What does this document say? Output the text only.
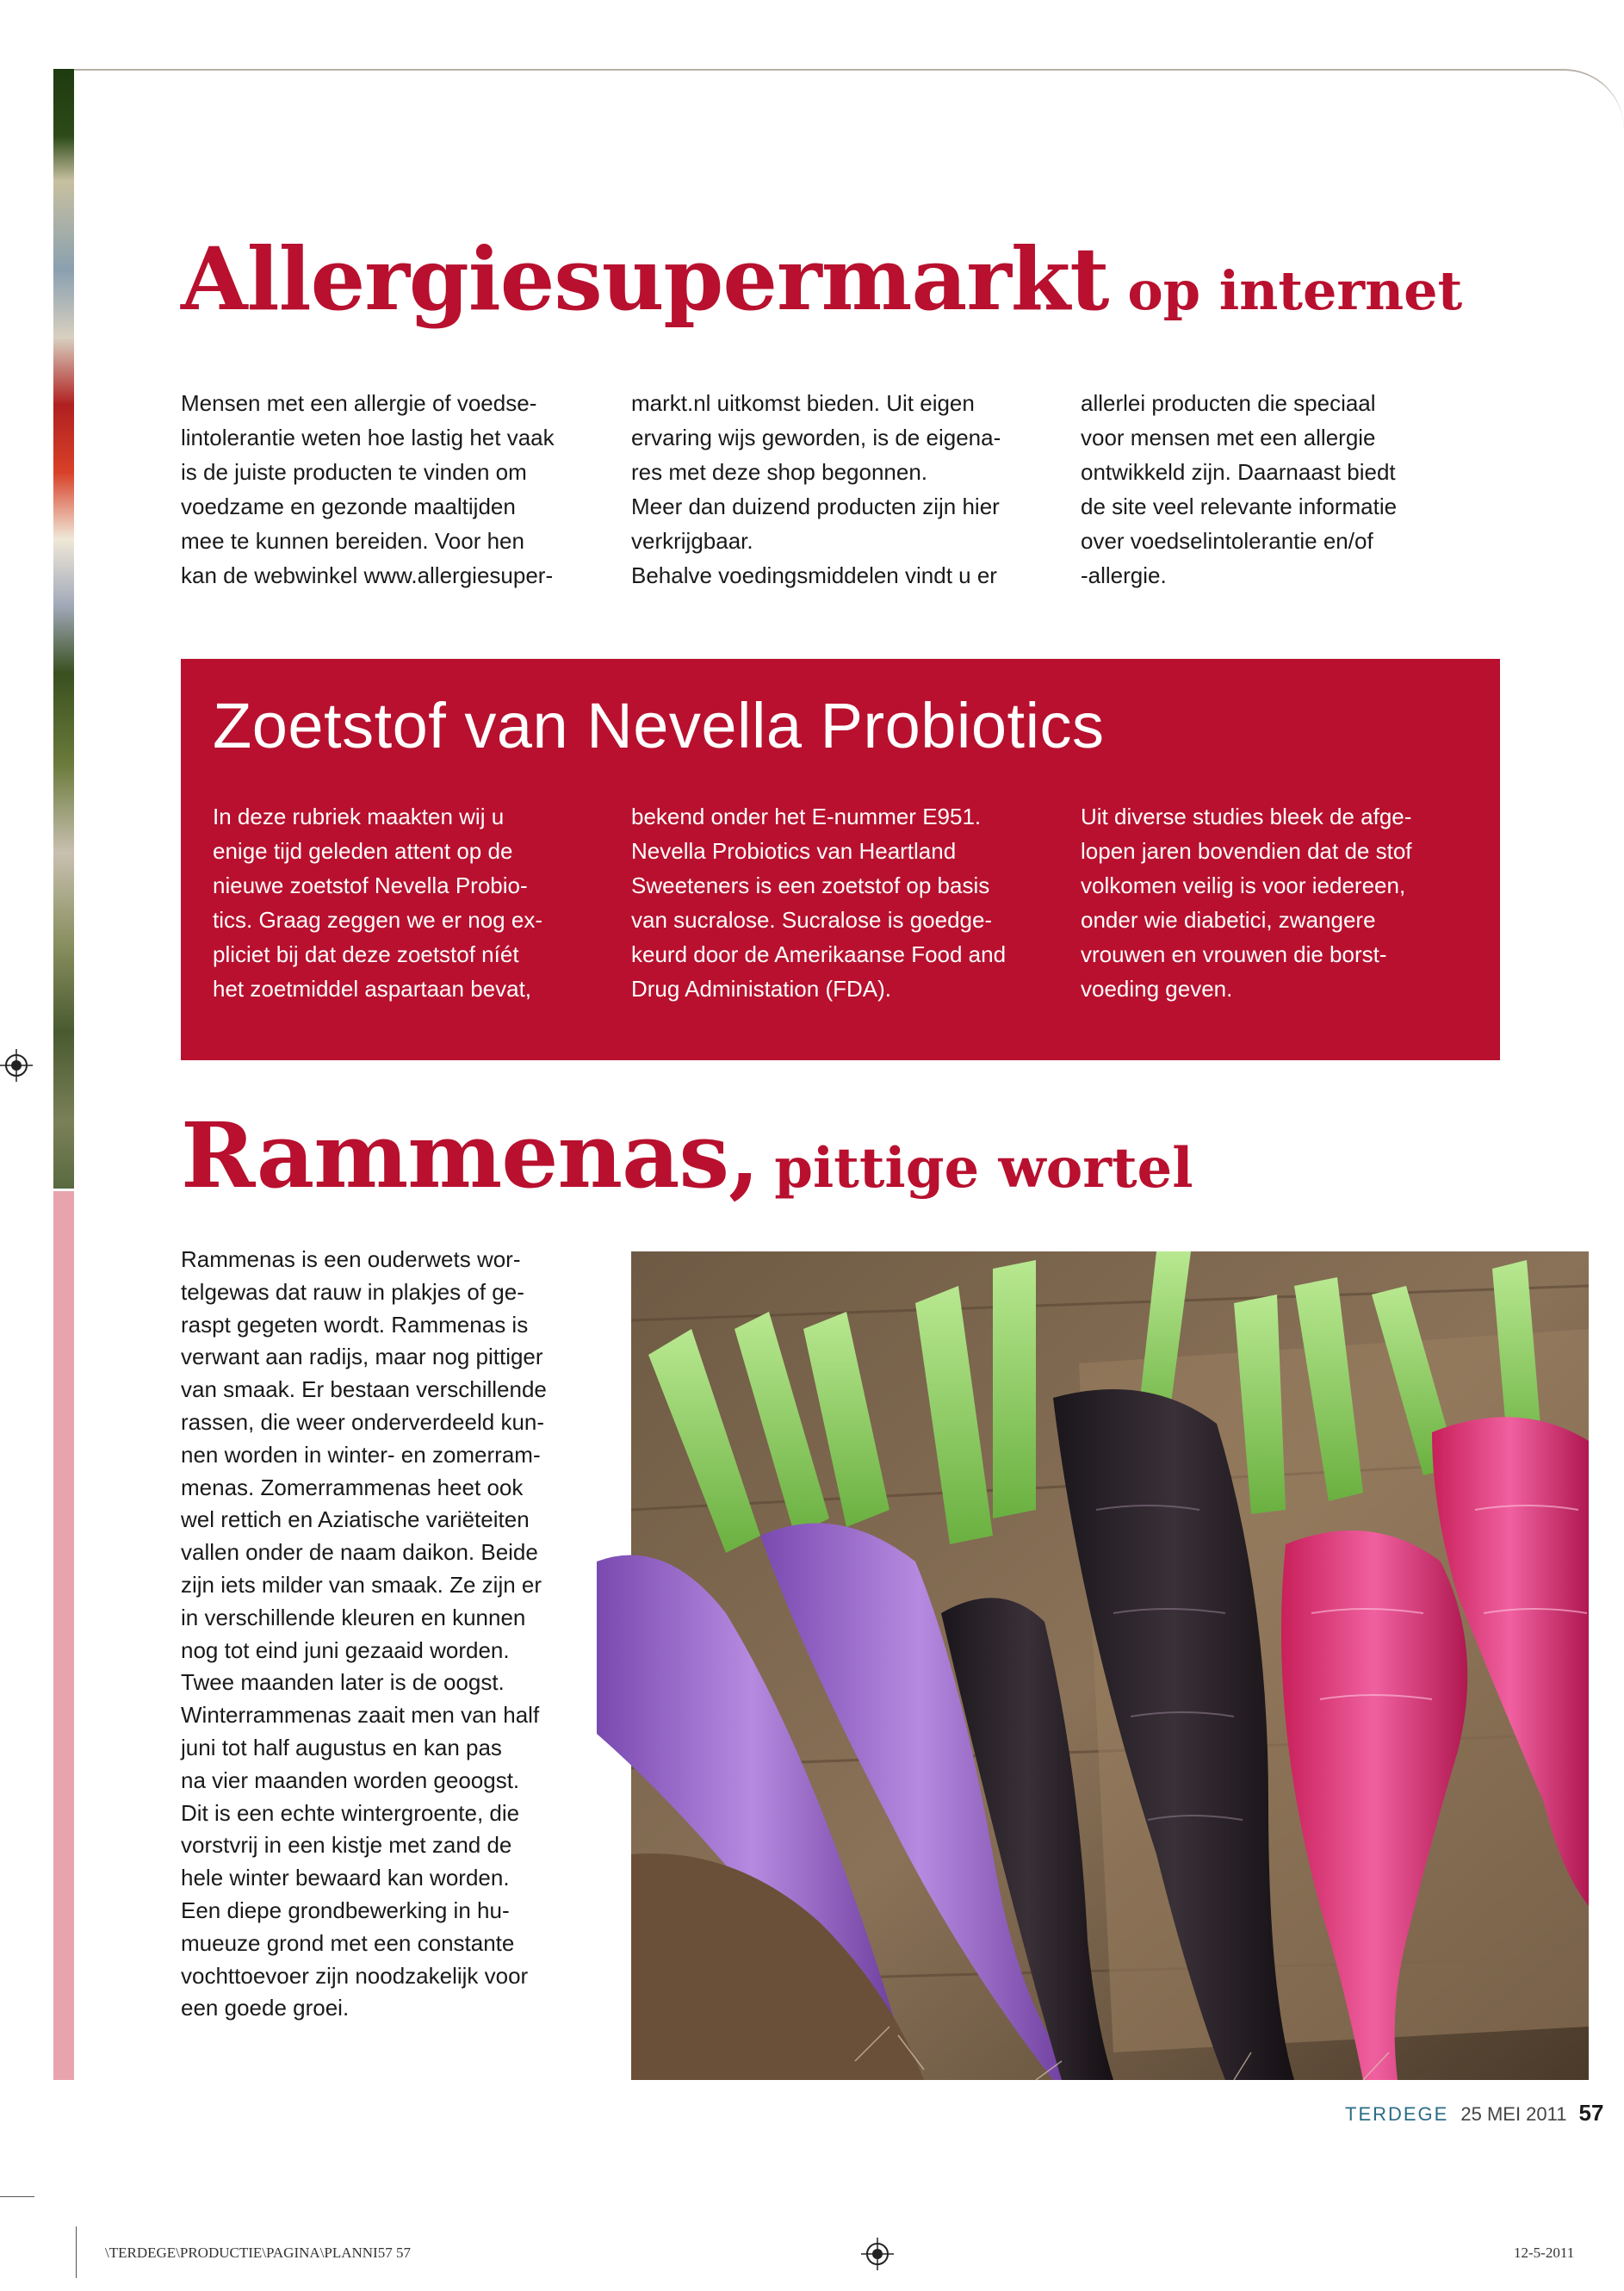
Allergiesupermarkt op internet

Mensen met een allergie of voedse-

lintolerantie weten hoe lastig het vaak

is de juiste producten te vinden om

voedzame en gezonde maaltijden

mee te kunnen bereiden. Voor hen

kan de webwinkel www.allergiesuper-

markt.nl uitkomst bieden. Uit eigen

ervaring wijs geworden, is de eigena-

res met deze shop begonnen.

Meer dan duizend producten zijn hier

verkrijgbaar.

Behalve voedingsmiddelen vindt u er

allerlei producten die speciaal

voor mensen met een allergie

ontwikkeld zijn. Daarnaast biedt

de site veel relevante informatie

over voedselintolerantie en/of

-allergie.

Zoetstof van Nevella Probiotics

In deze rubriek maakten wij u

enige tijd geleden attent op de

nieuwe zoetstof Nevella Probio-

tics. Graag zeggen we er nog ex-

pliciet bij dat deze zoetstof níét

het zoetmiddel aspartaan bevat,

bekend onder het E-nummer E951.

Nevella Probiotics van Heartland

Sweeteners is een zoetstof op basis

van sucralose. Sucralose is goedge-

keurd door de Amerikaanse Food and

Drug Administation (FDA).

Uit diverse studies bleek de afge-

lopen jaren bovendien dat de stof

volkomen veilig is voor iedereen,

onder wie diabetici, zwangere

vrouwen en vrouwen die borst-

voeding geven.

Rammenas, pittige wortel

Rammenas is een ouderwets wor-

telgewas dat rauw in plakjes of ge-

raspt gegeten wordt. Rammenas is

verwant aan radijs, maar nog pittiger

van smaak. Er bestaan verschillende

rassen, die weer onderverdeeld kun-

nen worden in winter- en zomerram-

menas. Zomerrammenas heet ook

wel rettich en Aziatische variëteiten

vallen onder de naam daikon. Beide

zijn iets milder van smaak. Ze zijn er

in verschillende kleuren en kunnen

nog tot eind juni gezaaid worden.

Twee maanden later is de oogst.

Winterrammenas zaait men van half

juni tot half augustus en kan pas

na vier maanden worden geoogst.

Dit is een echte wintergroente, die

vorstvrij in een kistje met zand de

hele winter bewaard kan worden.

Een diepe grondbewerking in hu-

mueuze grond met een constante

vochttoevoer zijn noodzakelijk voor

een goede groei.

TERDEGE 25 MEI 2011 57
\TERDEGE\PRODUCTIE\PAGINA\PLANNI57 57	12-5-2011
